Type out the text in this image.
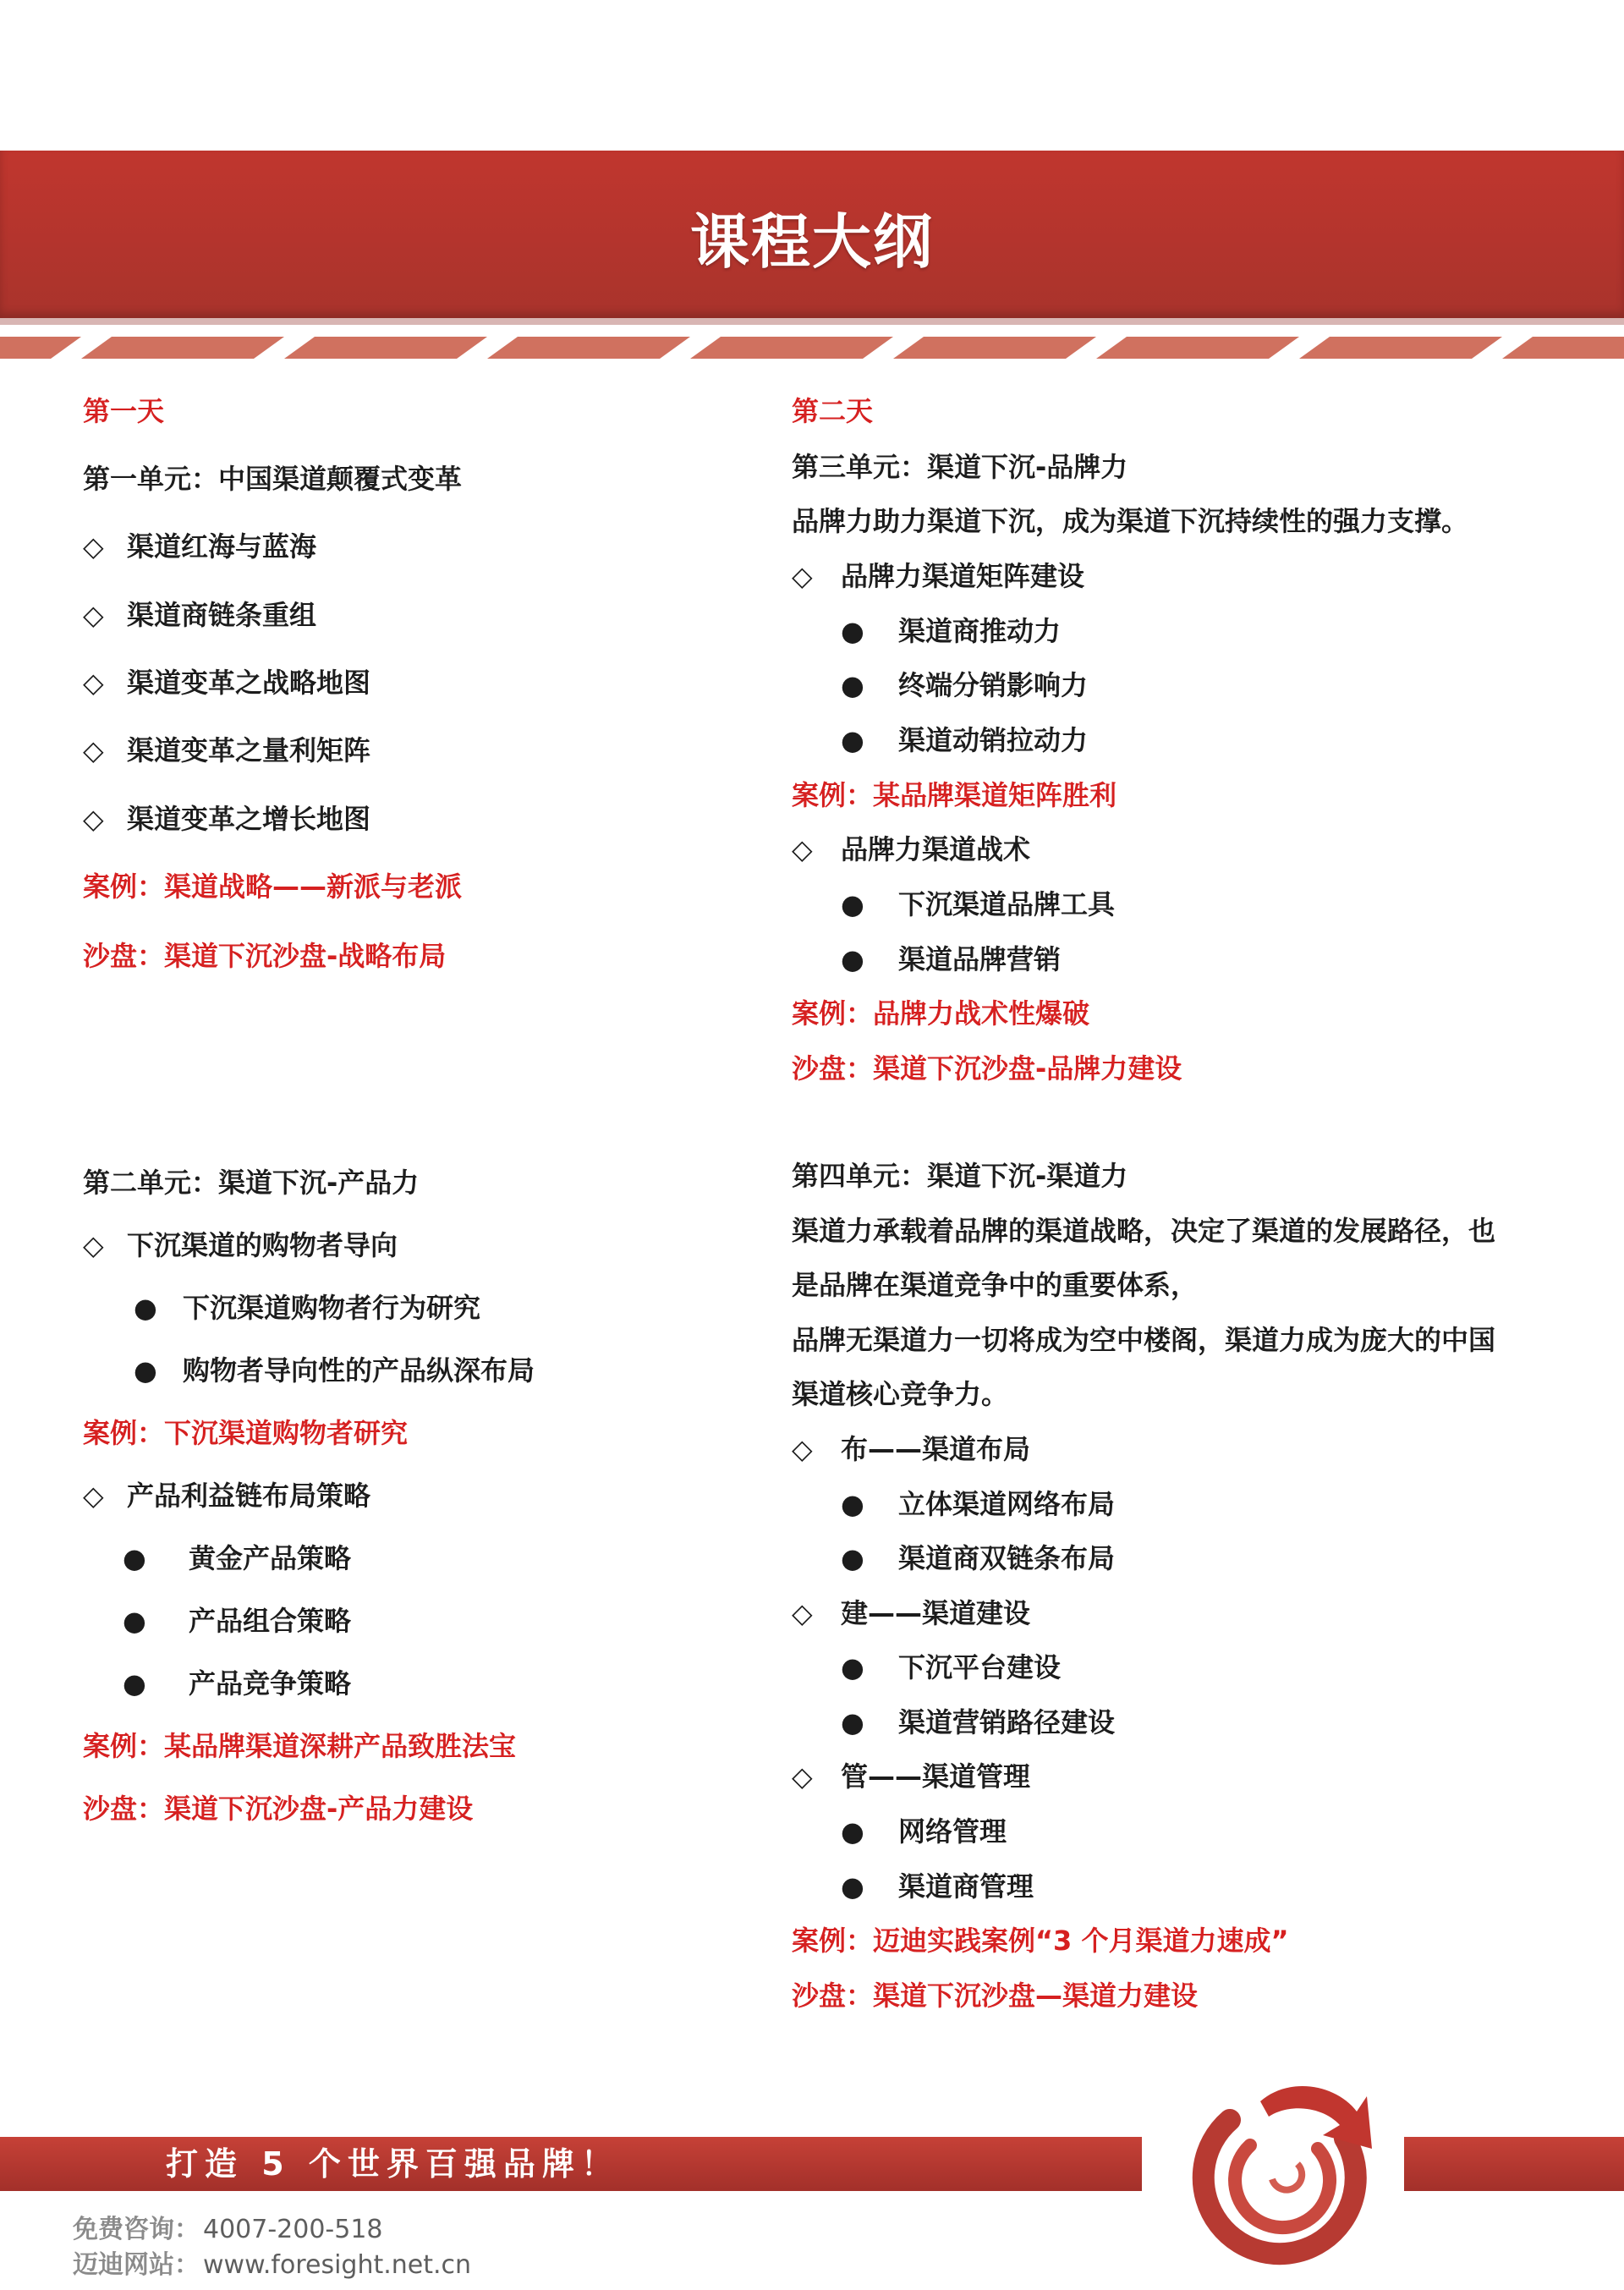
课程大纲
第一天
第一单元：中国渠道颠覆式变革
◇ 渠道红海与蓝海
◇ 渠道商链条重组
◇ 渠道变革之战略地图
◇ 渠道变革之量利矩阵
◇ 渠道变革之增长地图
案例：渠道战略——新派与老派
沙盘：渠道下沉沙盘-战略布局
第二单元：渠道下沉-产品力
◇ 下沉渠道的购物者导向
● 下沉渠道购物者行为研究
● 购物者导向性的产品纵深布局
案例：下沉渠道购物者研究
◇ 产品利益链布局策略
● 黄金产品策略
● 产品组合策略
● 产品竞争策略
案例：某品牌渠道深耕产品致胜法宝
沙盘：渠道下沉沙盘-产品力建设
第二天
第三单元：渠道下沉-品牌力
品牌力助力渠道下沉，成为渠道下沉持续性的强力支撑。
◇ 品牌力渠道矩阵建设
● 渠道商推动力
● 终端分销影响力
● 渠道动销拉动力
案例：某品牌渠道矩阵胜利
◇ 品牌力渠道战术
● 下沉渠道品牌工具
● 渠道品牌营销
案例：品牌力战术性爆破
沙盘：渠道下沉沙盘-品牌力建设
第四单元：渠道下沉-渠道力
渠道力承载着品牌的渠道战略，决定了渠道的发展路径，也
是品牌在渠道竞争中的重要体系，
品牌无渠道力一切将成为空中楼阁，渠道力成为庞大的中国
渠道核心竞争力。
◇ 布——渠道布局
● 立体渠道网络布局
● 渠道商双链条布局
◇ 建——渠道建设
● 下沉平台建设
● 渠道营销路径建设
◇ 管——渠道管理
● 网络管理
● 渠道商管理
案例：迈迪实践案例“3 个月渠道力速成”
沙盘：渠道下沉沙盘—渠道力建设
打造 5 个世界百强品牌！
免费咨询： 4007-200-518
迈迪网站： www.foresight.net.cn
